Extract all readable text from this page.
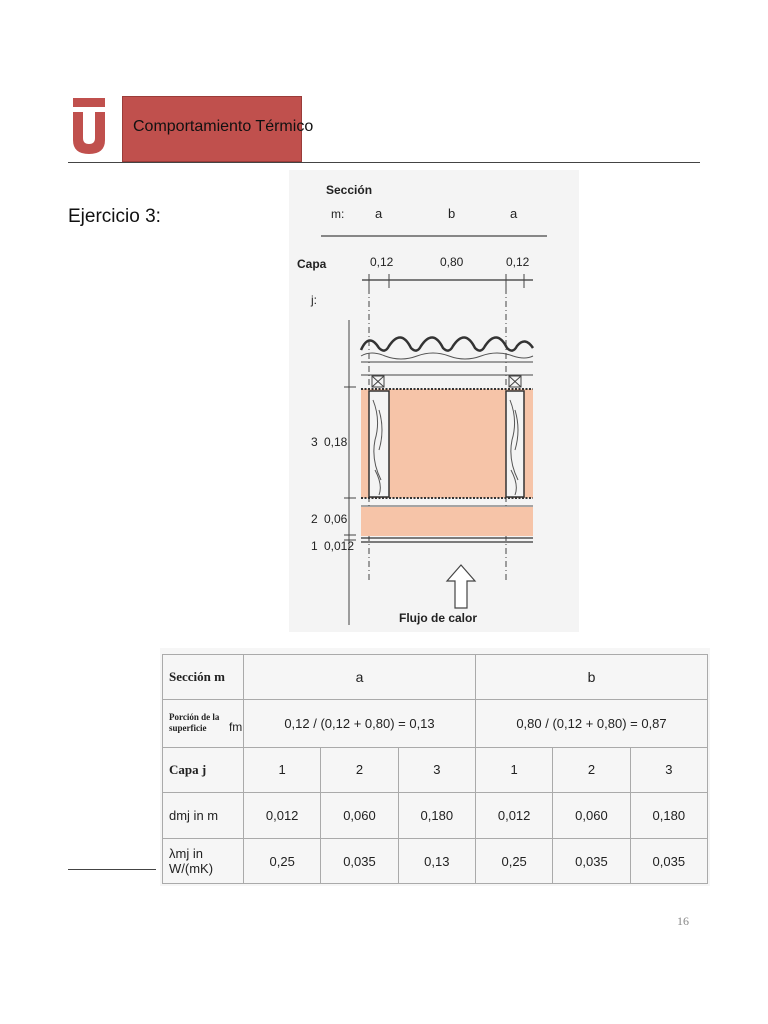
Comportamiento Térmico
Ejercicio 3:
Sección
m: a	b	a
Capa
j:
0,12	0,80	0,12
3 0,18
2 0,06
1 0,012
Flujo de calor
Sección m	a			b		
Porción de la
superficie fm	0,12 / (0,12 + 0,80) = 0,13			0,80 / (0,12 + 0,80) = 0,87		
Capa j	1	2	3	1	2	3
dmj in m	0,012	0,060	0,180	0,012	0,060	0,180
λmj in W/(mK)	0,25	0,035	0,13	0,25	0,035	0,035
16
